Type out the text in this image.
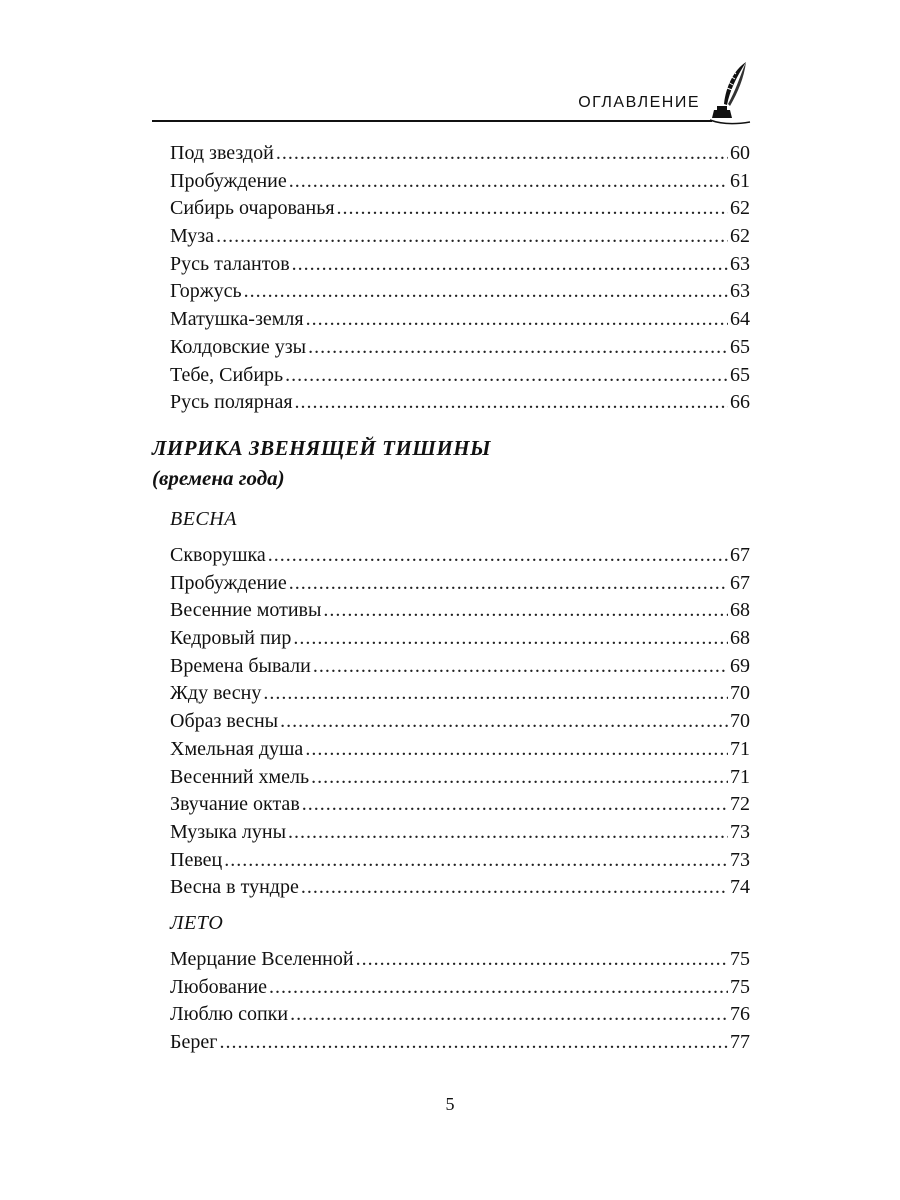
ОГЛАВЛЕНИЕ
Под звездой .....	60
Пробуждение .....	61
Сибирь очарованья .....	62
Муза .....	62
Русь талантов .....	63
Горжусь .....	63
Матушка-земля .....	64
Колдовские узы .....	65
Тебе, Сибирь .....	65
Русь полярная .....	66
ЛИРИКА ЗВЕНЯЩЕЙ ТИШИНЫ
(времена года)
ВЕСНА
Скворушка .....	67
Пробуждение .....	67
Весенние мотивы .....	68
Кедровый пир .....	68
Времена бывали .....	69
Жду весну .....	70
Образ весны .....	70
Хмельная душа .....	71
Весенний хмель .....	71
Звучание октав .....	72
Музыка луны .....	73
Певец .....	73
Весна в тундре .....	74
ЛЕТО
Мерцание Вселенной .....	75
Любование .....	75
Люблю сопки .....	76
Берег .....	77
5
